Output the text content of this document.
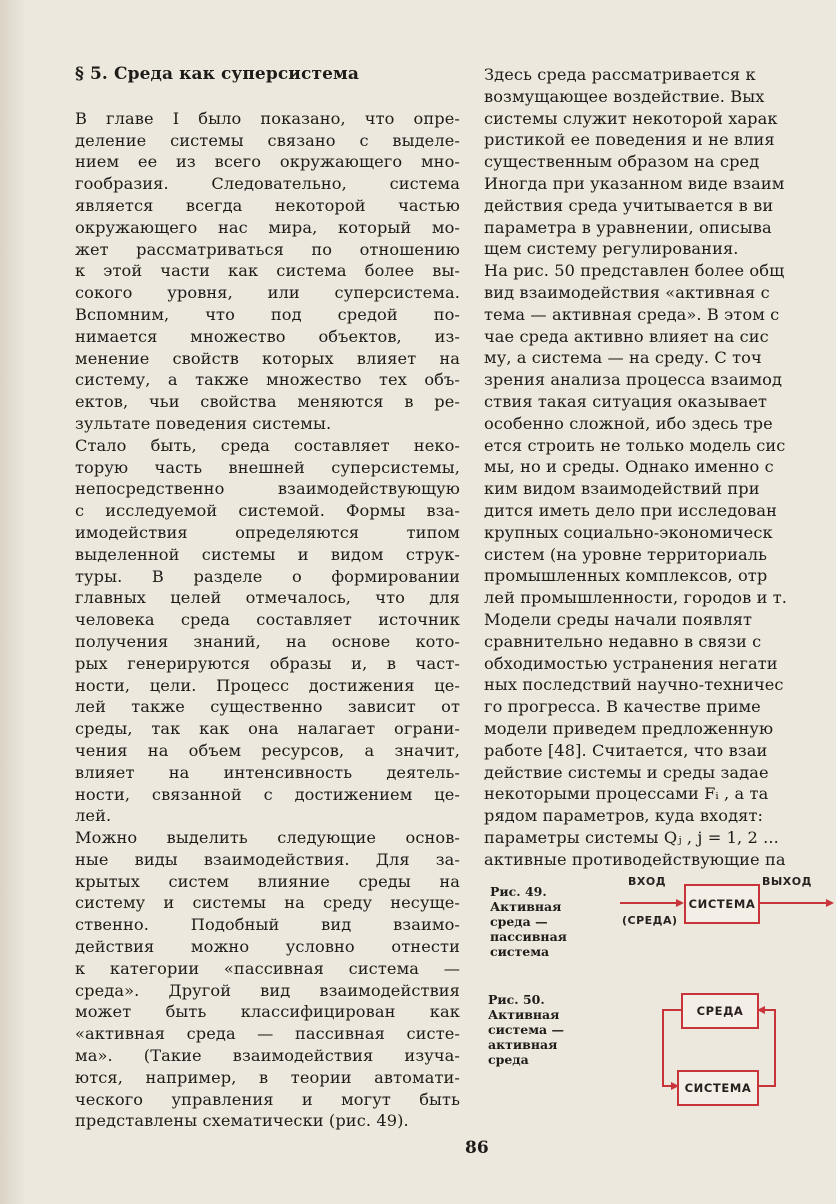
§ 5. Среда как суперсистема
В главе I было показано, что опре-
деление системы связано с выделе-
нием ее из всего окружающего мно-
гообразия. Следовательно, система
является всегда некоторой частью
окружающего нас мира, который мо-
жет рассматриваться по отношению
к этой части как система более вы-
сокого уровня, или суперсистема.
Вспомним, что под средой по-
нимается множество объектов, из-
менение свойств которых влияет на
систему, а также множество тех объ-
ектов, чьи свойства меняются в ре-
зультате поведения системы.
Стало быть, среда составляет неко-
торую часть внешней суперсистемы,
непосредственно взаимодействующую
с исследуемой системой. Формы вза-
имодействия определяются типом
выделенной системы и видом струк-
туры. В разделе о формировании
главных целей отмечалось, что для
человека среда составляет источник
получения знаний, на основе кото-
рых генерируются образы и, в част-
ности, цели. Процесс достижения це-
лей также существенно зависит от
среды, так как она налагает ограни-
чения на объем ресурсов, а значит,
влияет на интенсивность деятель-
ности, связанной с достижением це-
лей.
Можно выделить следующие основ-
ные виды взаимодействия. Для за-
крытых систем влияние среды на
систему и системы на среду несуще-
ственно. Подобный вид взаимо-
действия можно условно отнести
к категории «пассивная система —
среда». Другой вид взаимодействия
может быть классифицирован как
«активная среда — пассивная систе-
ма». (Такие взаимодействия изуча-
ются, например, в теории автомати-
ческого управления и могут быть
представлены схематически (рис. 49).
Здесь среда рассматривается к
возмущающее воздействие. Вых
системы служит некоторой харак
ристикой ее поведения и не влия
существенным образом на сред
Иногда при указанном виде взаим
действия среда учитывается в ви
параметра в уравнении, описыва
щем систему регулирования.
На рис. 50 представлен более общ
вид взаимодействия «активная с
тема — активная среда». В этом с
чае среда активно влияет на сис
му, а система — на среду. С точ
зрения анализа процесса взаимод
ствия такая ситуация оказывает
особенно сложной, ибо здесь тре
ется строить не только модель сис
мы, но и среды. Однако именно с
ким видом взаимодействий при
дится иметь дело при исследован
крупных социально-экономическ
систем (на уровне территориаль
промышленных комплексов, отр
лей промышленности, городов и т.
Модели среды начали появлят
сравнительно недавно в связи с
обходимостью устранения негати
ных последствий научно-техничес
го прогресса. В качестве приме
модели приведем предложенную
работе [48]. Считается, что взаи
действие системы и среды задае
некоторыми процессами Fᵢ , а та
рядом параметров, куда входят:
параметры системы Qⱼ , j = 1, 2 ...
активные противодействующие па
Рис. 49.
Активная
среда —
пассивная
система
ВХОД
(СРЕДА)
СИСТЕМА
ВЫХОД
Рис. 50.
Активная
система —
активная
среда
СРЕДА
СИСТЕМА
86
